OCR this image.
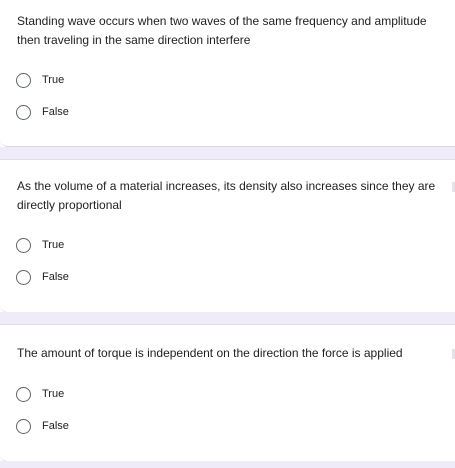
Standing wave occurs when two waves of the same frequency and amplitude then traveling in the same direction interfere
True
False
As the volume of a material increases, its density also increases since they are directly proportional
True
False
The amount of torque is independent on the direction the force is applied
True
False
